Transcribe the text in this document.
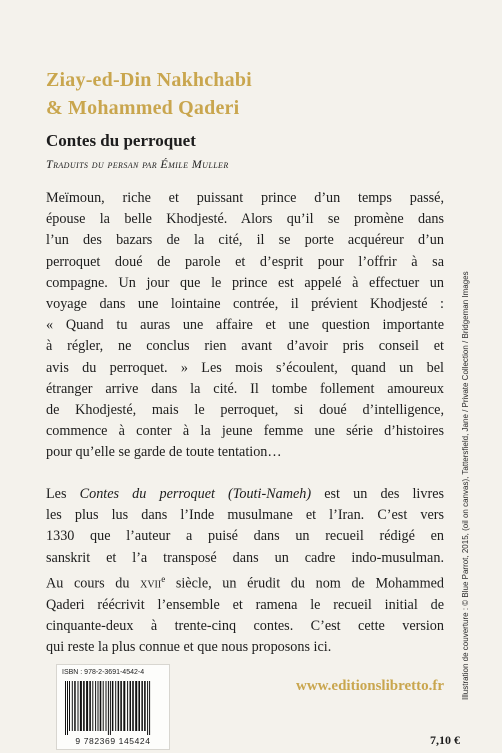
Ziay-ed-Din Nakhchabi
& Mohammed Qaderi
Contes du perroquet
Traduits du persan par Émile Muller
Meïmoun, riche et puissant prince d’un temps passé,
épouse la belle Khodjesté. Alors qu’il se promène dans
l’un des bazars de la cité, il se porte acquéreur d’un
perroquet doué de parole et d’esprit pour l’offrir à sa
compagne. Un jour que le prince est appelé à effectuer un
voyage dans une lointaine contrée, il prévient Khodjesté :
« Quand tu auras une affaire et une question importante
à régler, ne conclus rien avant d’avoir pris conseil et
avis du perroquet. » Les mois s’écoulent, quand un bel
étranger arrive dans la cité. Il tombe follement amoureux
de Khodjesté, mais le perroquet, si doué d’intelligence,
commence à conter à la jeune femme une série d’histoires
pour qu’elle se garde de toute tentation…
Les Contes du perroquet (Touti-Nameh) est un des livres
les plus lus dans l’Inde musulmane et l’Iran. C’est vers
1330 que l’auteur a puisé dans un recueil rédigé en
sanskrit et l’a transposé dans un cadre indo-musulman.
Au cours du xvii$^e$ siècle, un érudit du nom de Mohammed
Qaderi réécrivit l’ensemble et ramena le recueil initial de
cinquante-deux à trente-cinq contes. C’est cette version
qui reste la plus connue et que nous proposons ici.	Illustration de couverture : © Blue Parrot, 2015, (oil on canvas), Tattersfield, Jane / Private Collection / Bridgeman Images
ISBN : 978-2-3691-4542-4
9 782369 145424
www.editionslibretto.fr
7,10 €
